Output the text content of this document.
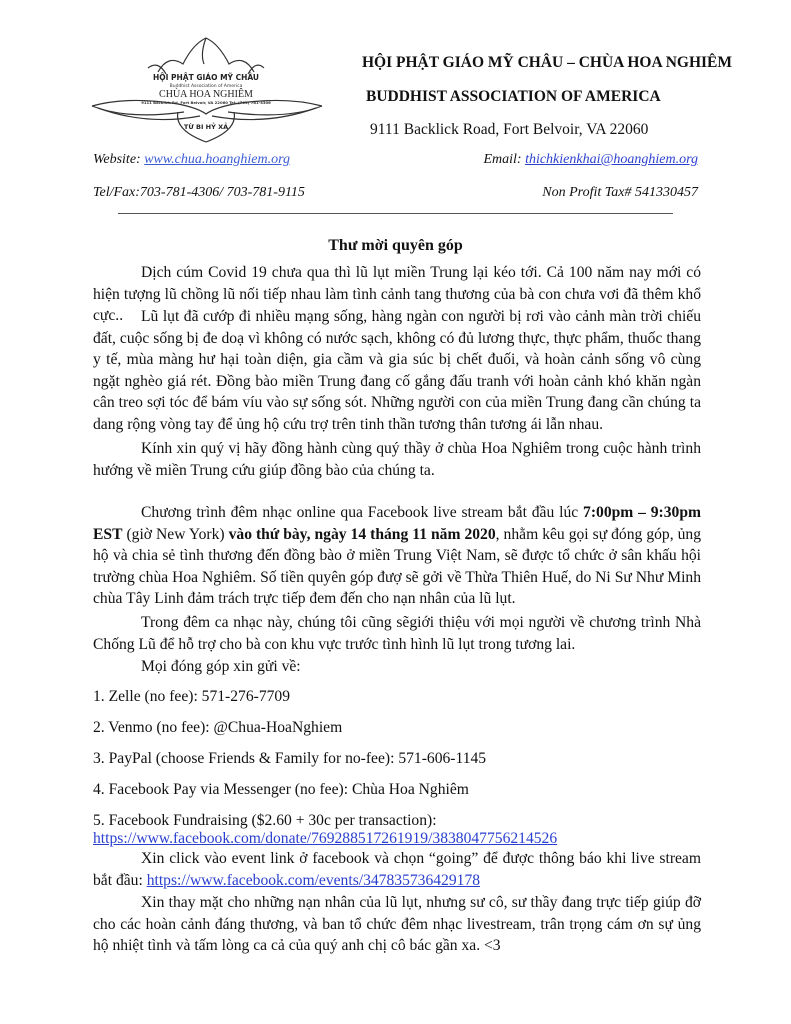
HỘI PHẬT GIÁO MỸ CHÂU
Buddhist Association of America
CHÙA HOA NGHIÊM
9111 Backlick Rd, Fort Belvoir, VA 22060 Tel: (703) 781-4306
TỪ BI HỶ XẢ
HỘI PHẬT GIÁO MỸ CHÂU – CHÙA HOA NGHIÊM
BUDDHIST ASSOCIATION OF AMERICA
9111 Backlick Road, Fort Belvoir, VA 22060
Website: www.chua.hoanghiem.org	Email: thichkienkhai@hoanghiem.org
Tel/Fax:703-781-4306/ 703-781-9115	Non Profit Tax# 541330457
Thư mời quyên góp
Dịch cúm Covid 19 chưa qua thì lũ lụt miền Trung lại kéo tới. Cả 100 năm nay mới có hiện tượng lũ chồng lũ nối tiếp nhau làm tình cảnh tang thương của bà con chưa vơi đã thêm khổ cực..	Lũ lụt đã cướp đi nhiều mạng sống, hàng ngàn con người bị rơi vào cảnh màn trời chiếu đất, cuộc sống bị đe doạ vì không có nước sạch, không có đủ lương thực, thực phẩm, thuốc thang y tế, mùa màng hư hại toàn diện, gia cầm và gia súc bị chết đuối, và hoàn cảnh sống vô cùng ngặt nghèo giá rét. Đồng bào miền Trung đang cố gắng đấu tranh với hoàn cảnh khó khăn ngàn cân treo sợi tóc để bám víu vào sự sống sót. Những người con của miền Trung đang cần chúng ta dang rộng vòng tay để ủng hộ cứu trợ trên tinh thần tương thân tương ái lẫn nhau.
Kính xin quý vị hãy đồng hành cùng quý thầy ở chùa Hoa Nghiêm trong cuộc hành trình hướng về miền Trung cứu giúp đồng bào của chúng ta.
Chương trình đêm nhạc online qua Facebook live stream bắt đầu lúc 7:00pm – 9:30pm EST (giờ New York) vào thứ bày, ngày 14 tháng 11 năm 2020, nhằm kêu gọi sự đóng góp, ủng hộ và chia sẻ tình thương đến đồng bào ở miền Trung Việt Nam, sẽ được tổ chức ở sân khấu hội trường chùa Hoa Nghiêm. Số tiền quyên góp đượ sẽ gởi về Thừa Thiên Huế, do Ni Sư Như Minh chùa Tây Linh đảm trách trực tiếp đem đến cho nạn nhân của lũ lụt.
Trong đêm ca nhạc này, chúng tôi cũng sẽgiới thiệu với mọi người về chương trình Nhà Chống Lũ để hỗ trợ cho bà con khu vực trước tình hình lũ lụt trong tương lai.
Mọi đóng góp xin gửi về:
1. Zelle (no fee): 571-276-7709
2. Venmo (no fee): @Chua-HoaNghiem
3. PayPal (choose Friends & Family for no-fee): 571-606-1145
4. Facebook Pay via Messenger (no fee): Chùa Hoa Nghiêm
5. Facebook Fundraising ($2.60 + 30c per transaction):
https://www.facebook.com/donate/769288517261919/3838047756214526
Xin click vào event link ở facebook và chọn “going” để được thông báo khi live stream bắt đầu: https://www.facebook.com/events/347835736429178
Xin thay mặt cho những nạn nhân của lũ lụt, nhưng sư cô, sư thầy đang trực tiếp giúp đỡ cho các hoàn cảnh đáng thương, và ban tổ chức đêm nhạc livestream, trân trọng cám ơn sự ủng hộ nhiệt tình và tấm lòng ca cả của quý anh chị cô bác gần xa. <3
